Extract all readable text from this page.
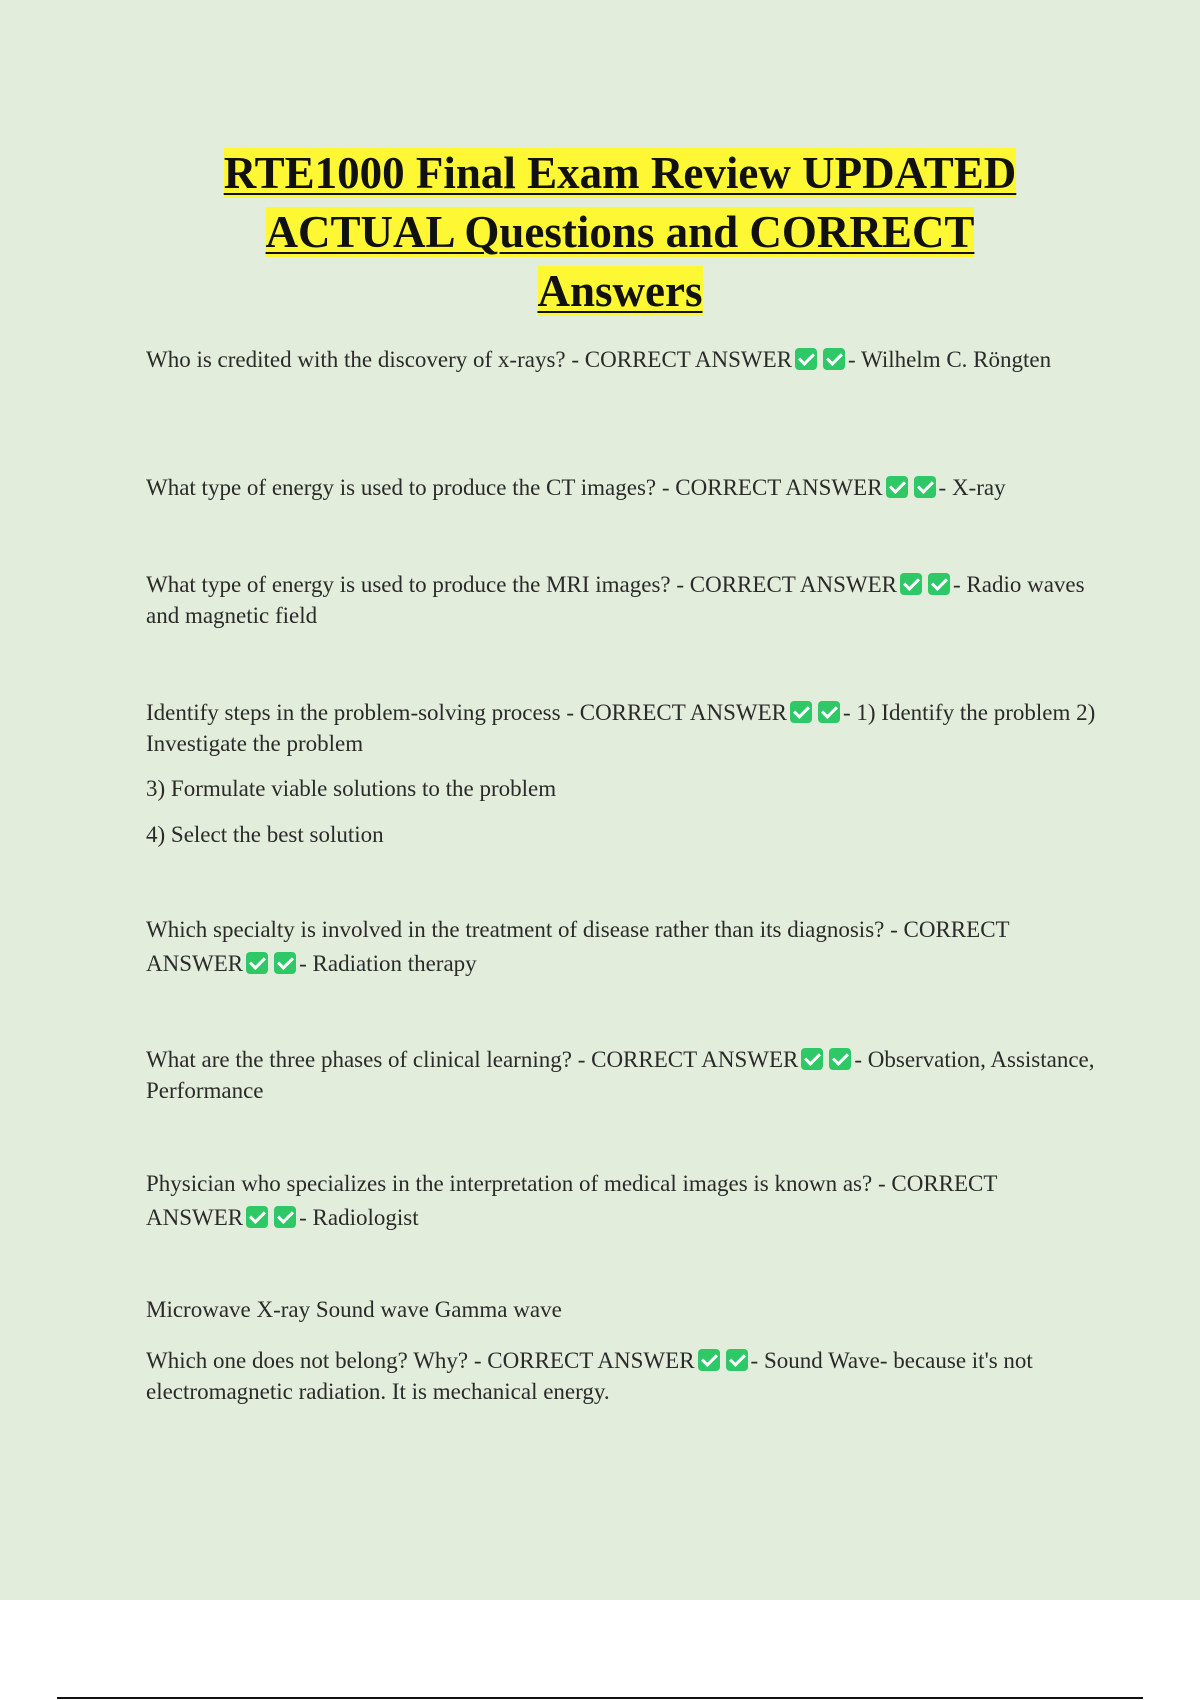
RTE1000 Final Exam Review UPDATED
ACTUAL Questions and CORRECT
Answers

Who is credited with the discovery of x-rays? - CORRECT ANSWER - Wilhelm C. Röngten

What type of energy is used to produce the CT images? - CORRECT ANSWER - X-ray

What type of energy is used to produce the MRI images? - CORRECT ANSWER - Radio waves and magnetic field

Identify steps in the problem-solving process - CORRECT ANSWER - 1) Identify the problem 2) Investigate the problem

3) Formulate viable solutions to the problem

4) Select the best solution

Which specialty is involved in the treatment of disease rather than its diagnosis? - CORRECT ANSWER - Radiation therapy

What are the three phases of clinical learning? - CORRECT ANSWER - Observation, Assistance, Performance

Physician who specializes in the interpretation of medical images is known as? - CORRECT ANSWER - Radiologist

Microwave X-ray Sound wave Gamma wave

Which one does not belong? Why? - CORRECT ANSWER - Sound Wave- because it's not electromagnetic radiation. It is mechanical energy.
